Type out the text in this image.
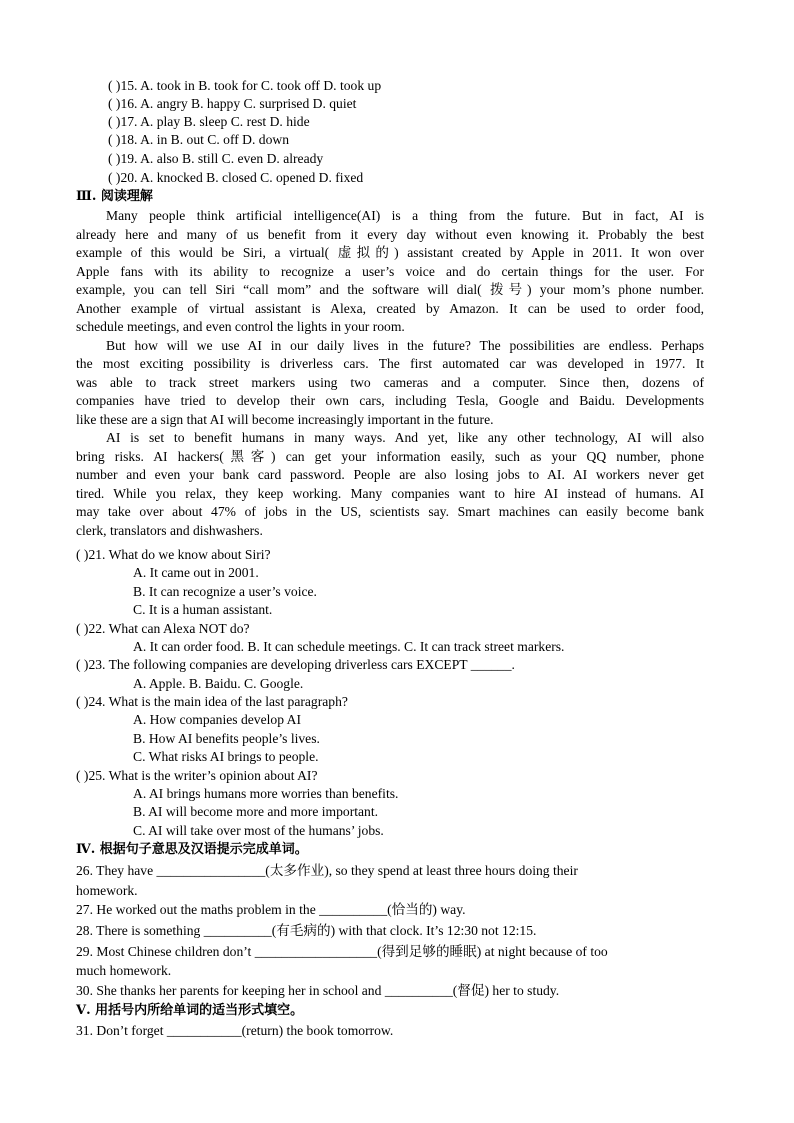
( )15. A. took in B. took for C. took off D. took up
( )16. A. angry B. happy C. surprised D. quiet
( )17. A. play B. sleep C. rest D. hide
( )18. A. in B. out C. off D. down
( )19. A. also B. still C. even D. already
( )20. A. knocked B. closed C. opened D. fixed
Ⅲ. 阅读理解
Many people think artificial intelligence(AI) is a thing from the future. But in fact, AI is
already here and many of us benefit from it every day without even knowing it. Probably the best
example of this would be Siri, a virtual( 虚拟的) assistant created by Apple in 2011. It won over
Apple fans with its ability to recognize a user’s voice and do certain things for the user. For
example, you can tell Siri “call mom” and the software will dial( 拨号) your mom’s phone number.
Another example of virtual assistant is Alexa, created by Amazon. It can be used to order food,
schedule meetings, and even control the lights in your room.
But how will we use AI in our daily lives in the future? The possibilities are endless. Perhaps
the most exciting possibility is driverless cars. The first automated car was developed in 1977. It
was able to track street markers using two cameras and a computer. Since then, dozens of
companies have tried to develop their own cars, including Tesla, Google and Baidu. Developments
like these are a sign that AI will become increasingly important in the future.
AI is set to benefit humans in many ways. And yet, like any other technology, AI will also
bring risks. AI hackers(黑客) can get your information easily, such as your QQ number, phone
number and even your bank card password. People are also losing jobs to AI. AI workers never get
tired. While you relax, they keep working. Many companies want to hire AI instead of humans. AI
may take over about 47% of jobs in the US, scientists say. Smart machines can easily become bank
clerk, translators and dishwashers.
( )21. What do we know about Siri?
A. It came out in 2001.
B. It can recognize a user’s voice.
C. It is a human assistant.
( )22. What can Alexa NOT do?
A. It can order food. B. It can schedule meetings. C. It can track street markers.
( )23. The following companies are developing driverless cars EXCEPT ______.
A. Apple. B. Baidu. C. Google.
( )24. What is the main idea of the last paragraph?
A. How companies develop AI
B. How AI benefits people’s lives.
C. What risks AI brings to people.
( )25. What is the writer’s opinion about AI?
A. AI brings humans more worries than benefits.
B. AI will become more and more important.
C. AI will take over most of the humans’ jobs.
Ⅳ. 根据句子意思及汉语提示完成单词。
26. They have ________________(太多作业), so they spend at least three hours doing their
homework.
27. He worked out the maths problem in the __________(恰当的) way.
28. There is something __________(有毛病的) with that clock. It’s 12:30 not 12:15.
29. Most Chinese children don’t __________________(得到足够的睡眠) at night because of too
much homework.
30. She thanks her parents for keeping her in school and __________(督促) her to study.
Ⅴ. 用括号内所给单词的适当形式填空。
31. Don’t forget ___________(return) the book tomorrow.
